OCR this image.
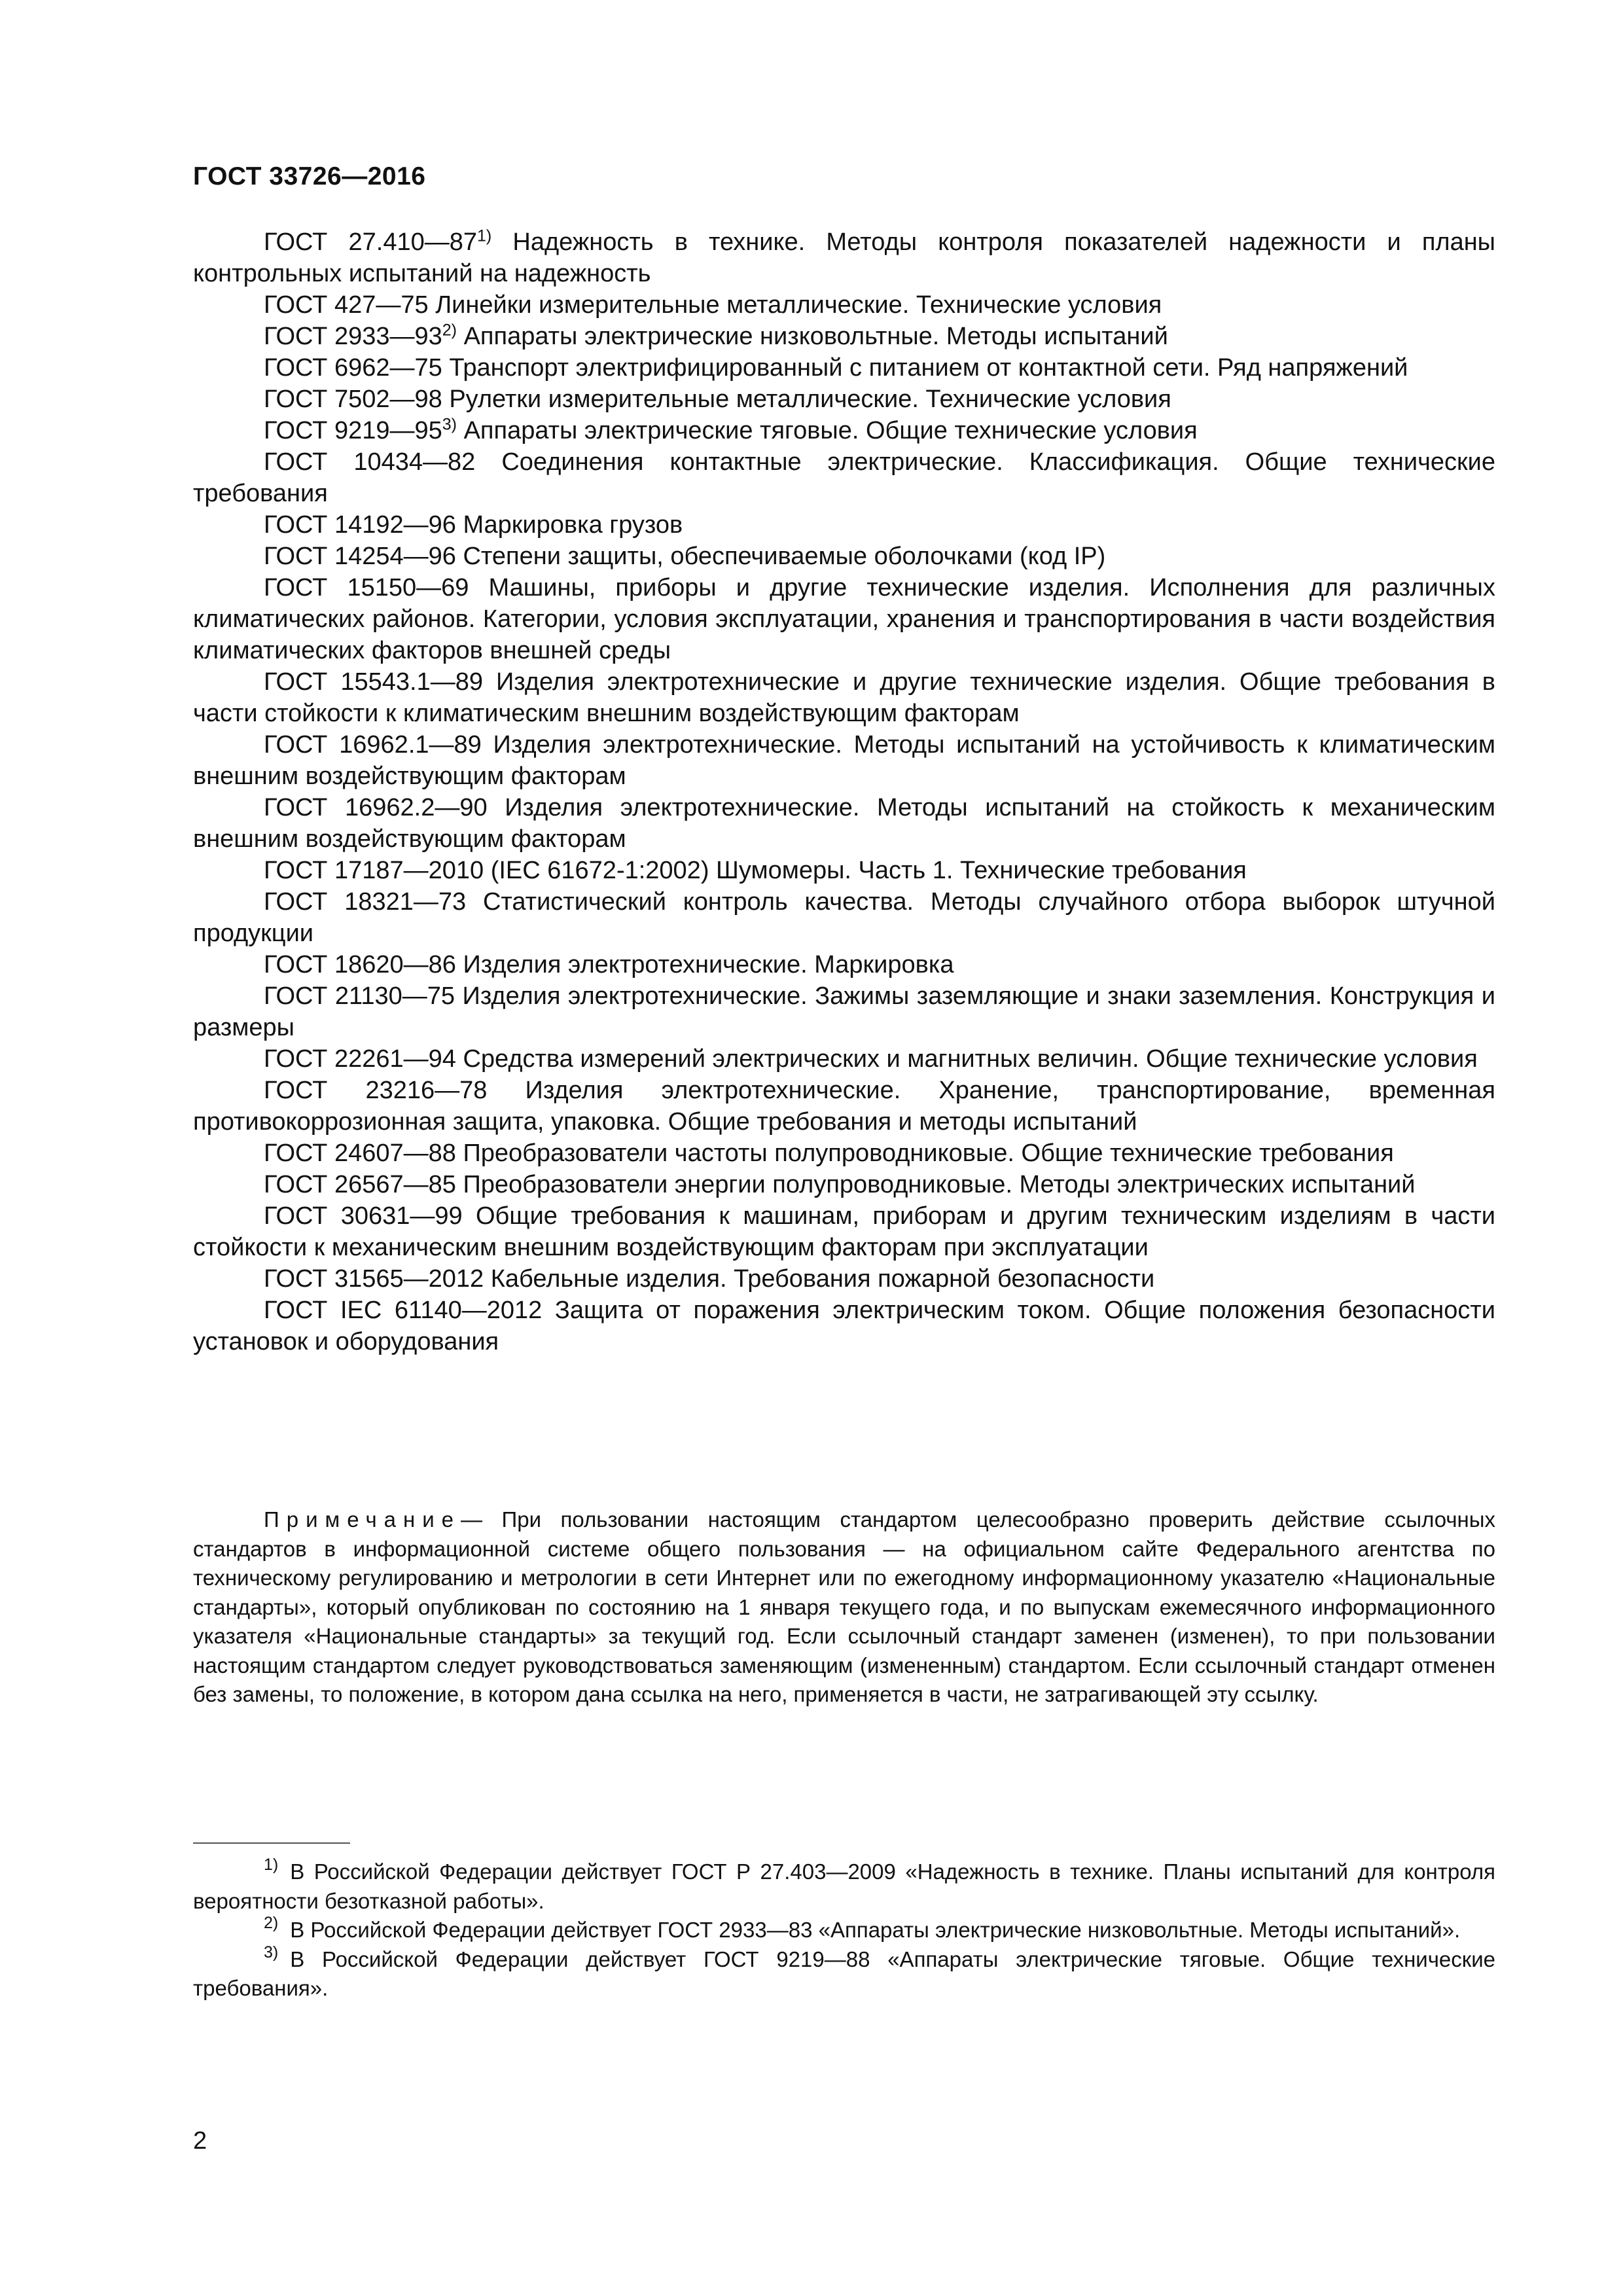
ГОСТ 33726—2016

ГОСТ 27.410—87$^{1)}$ Надежность в технике. Методы контроля показателей надежности и планы контрольных испытаний на надежность

ГОСТ 427—75 Линейки измерительные металлические. Технические условия

ГОСТ 2933—93$^{2)}$ Аппараты электрические низковольтные. Методы испытаний

ГОСТ 6962—75 Транспорт электрифицированный с питанием от контактной сети. Ряд напряжений

ГОСТ 7502—98 Рулетки измерительные металлические. Технические условия

ГОСТ 9219—95$^{3)}$ Аппараты электрические тяговые. Общие технические условия

ГОСТ 10434—82 Соединения контактные электрические. Классификация. Общие технические требования

ГОСТ 14192—96 Маркировка грузов

ГОСТ 14254—96 Степени защиты, обеспечиваемые оболочками (код IP)

ГОСТ 15150—69 Машины, приборы и другие технические изделия. Исполнения для различных климатических районов. Категории, условия эксплуатации, хранения и транспортирования в части воздействия климатических факторов внешней среды

ГОСТ 15543.1—89 Изделия электротехнические и другие технические изделия. Общие требования в части стойкости к климатическим внешним воздействующим факторам

ГОСТ 16962.1—89 Изделия электротехнические. Методы испытаний на устойчивость к климатическим внешним воздействующим факторам

ГОСТ 16962.2—90 Изделия электротехнические. Методы испытаний на стойкость к механическим внешним воздействующим факторам

ГОСТ 17187—2010 (IEC 61672-1:2002) Шумомеры. Часть 1. Технические требования

ГОСТ 18321—73 Статистический контроль качества. Методы случайного отбора выборок штучной продукции

ГОСТ 18620—86 Изделия электротехнические. Маркировка

ГОСТ 21130—75 Изделия электротехнические. Зажимы заземляющие и знаки заземления. Конструкция и размеры

ГОСТ 22261—94 Средства измерений электрических и магнитных величин. Общие технические условия

ГОСТ 23216—78 Изделия электротехнические. Хранение, транспортирование, временная противокоррозионная защита, упаковка. Общие требования и методы испытаний

ГОСТ 24607—88 Преобразователи частоты полупроводниковые. Общие технические требования

ГОСТ 26567—85 Преобразователи энергии полупроводниковые. Методы электрических испытаний

ГОСТ 30631—99 Общие требования к машинам, приборам и другим техническим изделиям в части стойкости к механическим внешним воздействующим факторам при эксплуатации

ГОСТ 31565—2012 Кабельные изделия. Требования пожарной безопасности

ГОСТ IEC 61140—2012 Защита от поражения электрическим током. Общие положения безопасности установок и оборудования

Примечание— При пользовании настоящим стандартом целесообразно проверить действие ссылочных стандартов в информационной системе общего пользования — на официальном сайте Федерального агентства по техническому регулированию и метрологии в сети Интернет или по ежегодному информационному указателю «Национальные стандарты», который опубликован по состоянию на 1 января текущего года, и по выпускам ежемесячного информационного указателя «Национальные стандарты» за текущий год. Если ссылочный стандарт заменен (изменен), то при пользовании настоящим стандартом следует руководствоваться заменяющим (измененным) стандартом. Если ссылочный стандарт отменен без замены, то положение, в котором дана ссылка на него, применяется в части, не затрагивающей эту ссылку.

$^{1)}$ В Российской Федерации действует ГОСТ Р 27.403—2009 «Надежность в технике. Планы испытаний для контроля вероятности безотказной работы».

$^{2)}$ В Российской Федерации действует ГОСТ 2933—83 «Аппараты электрические низковольтные. Методы испытаний».

$^{3)}$ В Российской Федерации действует ГОСТ 9219—88 «Аппараты электрические тяговые. Общие технические требования».

2
